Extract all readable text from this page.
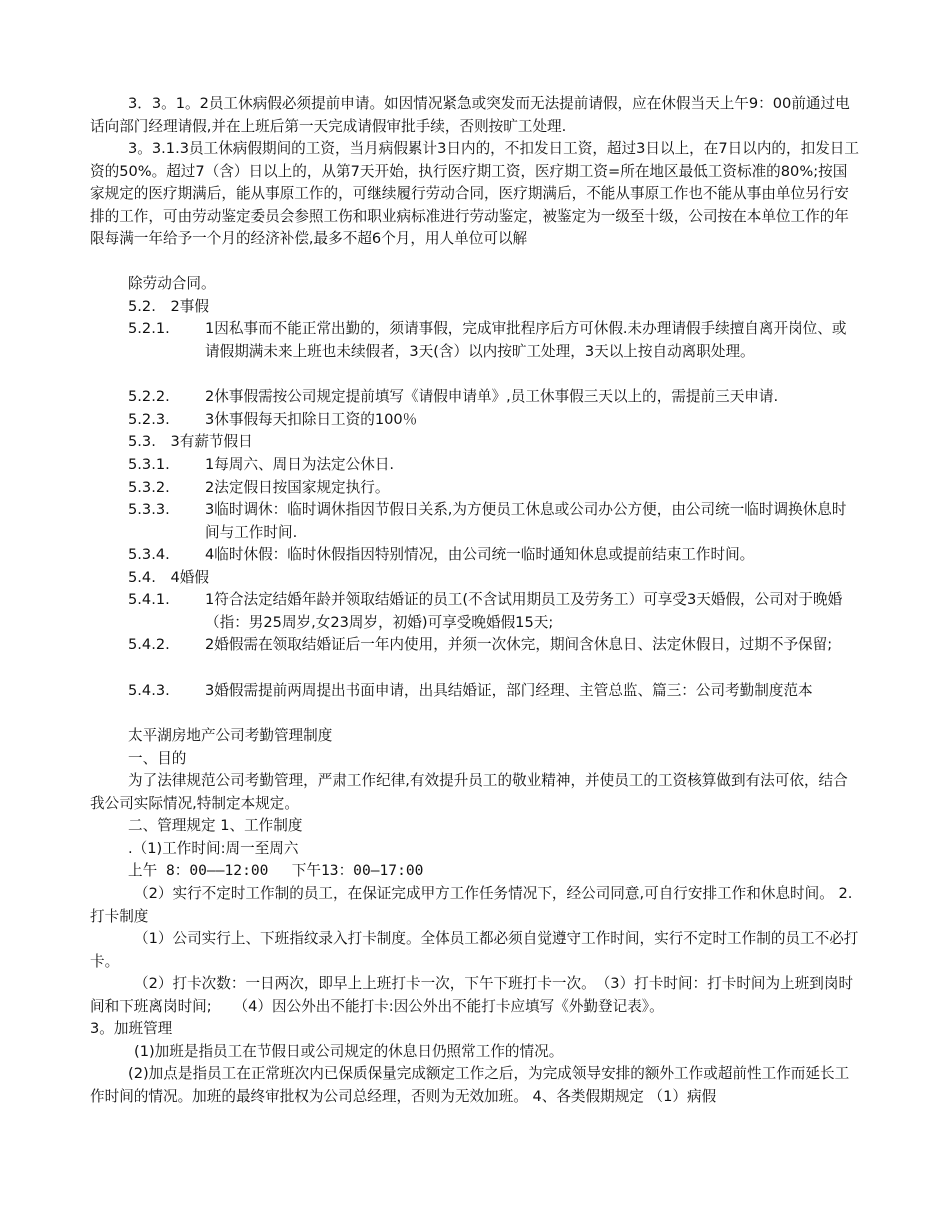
3．3。1。2员工休病假必须提前申请。如因情况紧急或突发而无法提前请假，应在休假当天上午9：00前通过电话向部门经理请假,并在上班后第一天完成请假审批手续，否则按旷工处理.

3。3.1.3员工休病假期间的工资，当月病假累计3日内的，不扣发日工资，超过3日以上，在7日以内的，扣发日工资的50%。超过7（含）日以上的，从第7天开始，执行医疗期工资，医疗期工资=所在地区最低工资标准的80%;按国家规定的医疗期满后，能从事原工作的，可继续履行劳动合同，医疗期满后，不能从事原工作也不能从事由单位另行安排的工作，可由劳动鉴定委员会参照工伤和职业病标准进行劳动鉴定，被鉴定为一级至十级，公司按在本单位工作的年限每满一年给予一个月的经济补偿,最多不超6个月，用人单位可以解

除劳动合同。

5.2.　2事假
5.2.1.	1因私事而不能正常出勤的，须请事假，完成审批程序后方可休假.未办理请假手续擅自离开岗位、或请假期满未来上班也未续假者，3天(含）以内按旷工处理，3天以上按自动离职处理。
5.2.2.	2休事假需按公司规定提前填写《请假申请单》,员工休事假三天以上的，需提前三天申请.
5.2.3.	3休事假每天扣除日工资的100％
5.3.　3有薪节假日
5.3.1.	1每周六、周日为法定公休日.
5.3.2.	2法定假日按国家规定执行。
5.3.3.	3临时调休：临时调休指因节假日关系,为方便员工休息或公司办公方便，由公司统一临时调换休息时间与工作时间.
5.3.4.	4临时休假：临时休假指因特别情况，由公司统一临时通知休息或提前结束工作时间。
5.4.　4婚假
5.4.1.	1符合法定结婚年龄并领取结婚证的员工(不含试用期员工及劳务工）可享受3天婚假，公司对于晚婚（指：男25周岁,女23周岁，初婚)可享受晚婚假15天;
5.4.2.	2婚假需在领取结婚证后一年内使用，并须一次休完，期间含休息日、法定休假日，过期不予保留;
5.4.3.	3婚假需提前两周提出书面申请，出具结婚证，部门经理、主管总监、篇三：公司考勤制度范本
太平湖房地产公司考勤管理制度
一、目的

为了法律规范公司考勤管理，严肃工作纪律,有效提升员工的敬业精神，并使员工的工资核算做到有法可依，结合我公司实际情况,特制定本规定。

二、管理规定 1、工作制度
.（1)工作时间:周一至周六
上午 8：00——12:00　 下午13：00—17:00

（2）实行不定时工作制的员工，在保证完成甲方工作任务情况下，经公司同意,可自行安排工作和休息时间。 2. 打卡制度

（1）公司实行上、下班指纹录入打卡制度。全体员工都必须自觉遵守工作时间，实行不定时工作制的员工不必打卡。

（2）打卡次数：一日两次，即早上上班打卡一次，下午下班打卡一次。　（3）打卡时间：打卡时间为上班到岗时间和下班离岗时间;　　（4）因公外出不能打卡:因公外出不能打卡应填写《外勤登记表》。

3。加班管理
(1)加班是指员工在节假日或公司规定的休息日仍照常工作的情况。

(2)加点是指员工在正常班次内已保质保量完成额定工作之后，为完成领导安排的额外工作或超前性工作而延长工作时间的情况。加班的最终审批权为公司总经理，否则为无效加班。 4、各类假期规定 （1）病假
